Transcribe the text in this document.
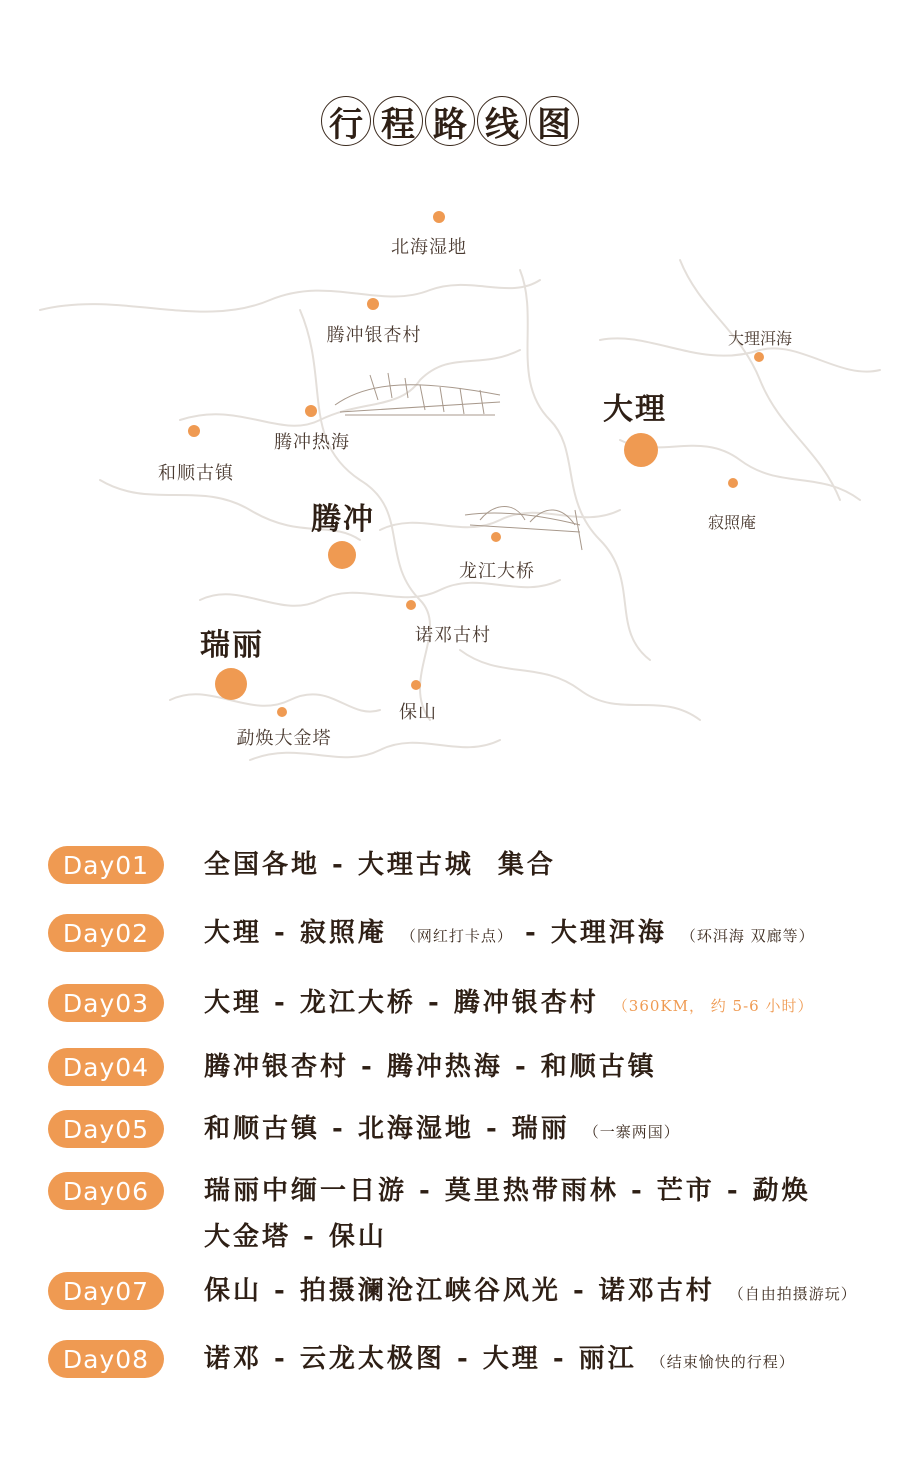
行 程 路 线 图
北海湿地
腾冲银杏村
腾冲热海
和顺古镇
腾冲
瑞丽
勐焕大金塔
保山
诺邓古村
龙江大桥
大理
大理洱海
寂照庵
Day01	全国各地 - 大理古城 集合
Day02	大理 - 寂照庵 （网红打卡点） - 大理洱海 （环洱海 双廊等）
Day03	大理 - 龙江大桥 - 腾冲银杏村 （360KM， 约 5-6 小时）
Day04	腾冲银杏村 - 腾冲热海 - 和顺古镇
Day05	和顺古镇 - 北海湿地 - 瑞丽 （一寨两国）
Day06	瑞丽中缅一日游 - 莫里热带雨林 - 芒市 - 勐焕
大金塔 - 保山
Day07	保山 - 拍摄澜沧江峡谷风光 - 诺邓古村 （自由拍摄游玩）
Day08	诺邓 - 云龙太极图 - 大理 - 丽江 （结束愉快的行程）
